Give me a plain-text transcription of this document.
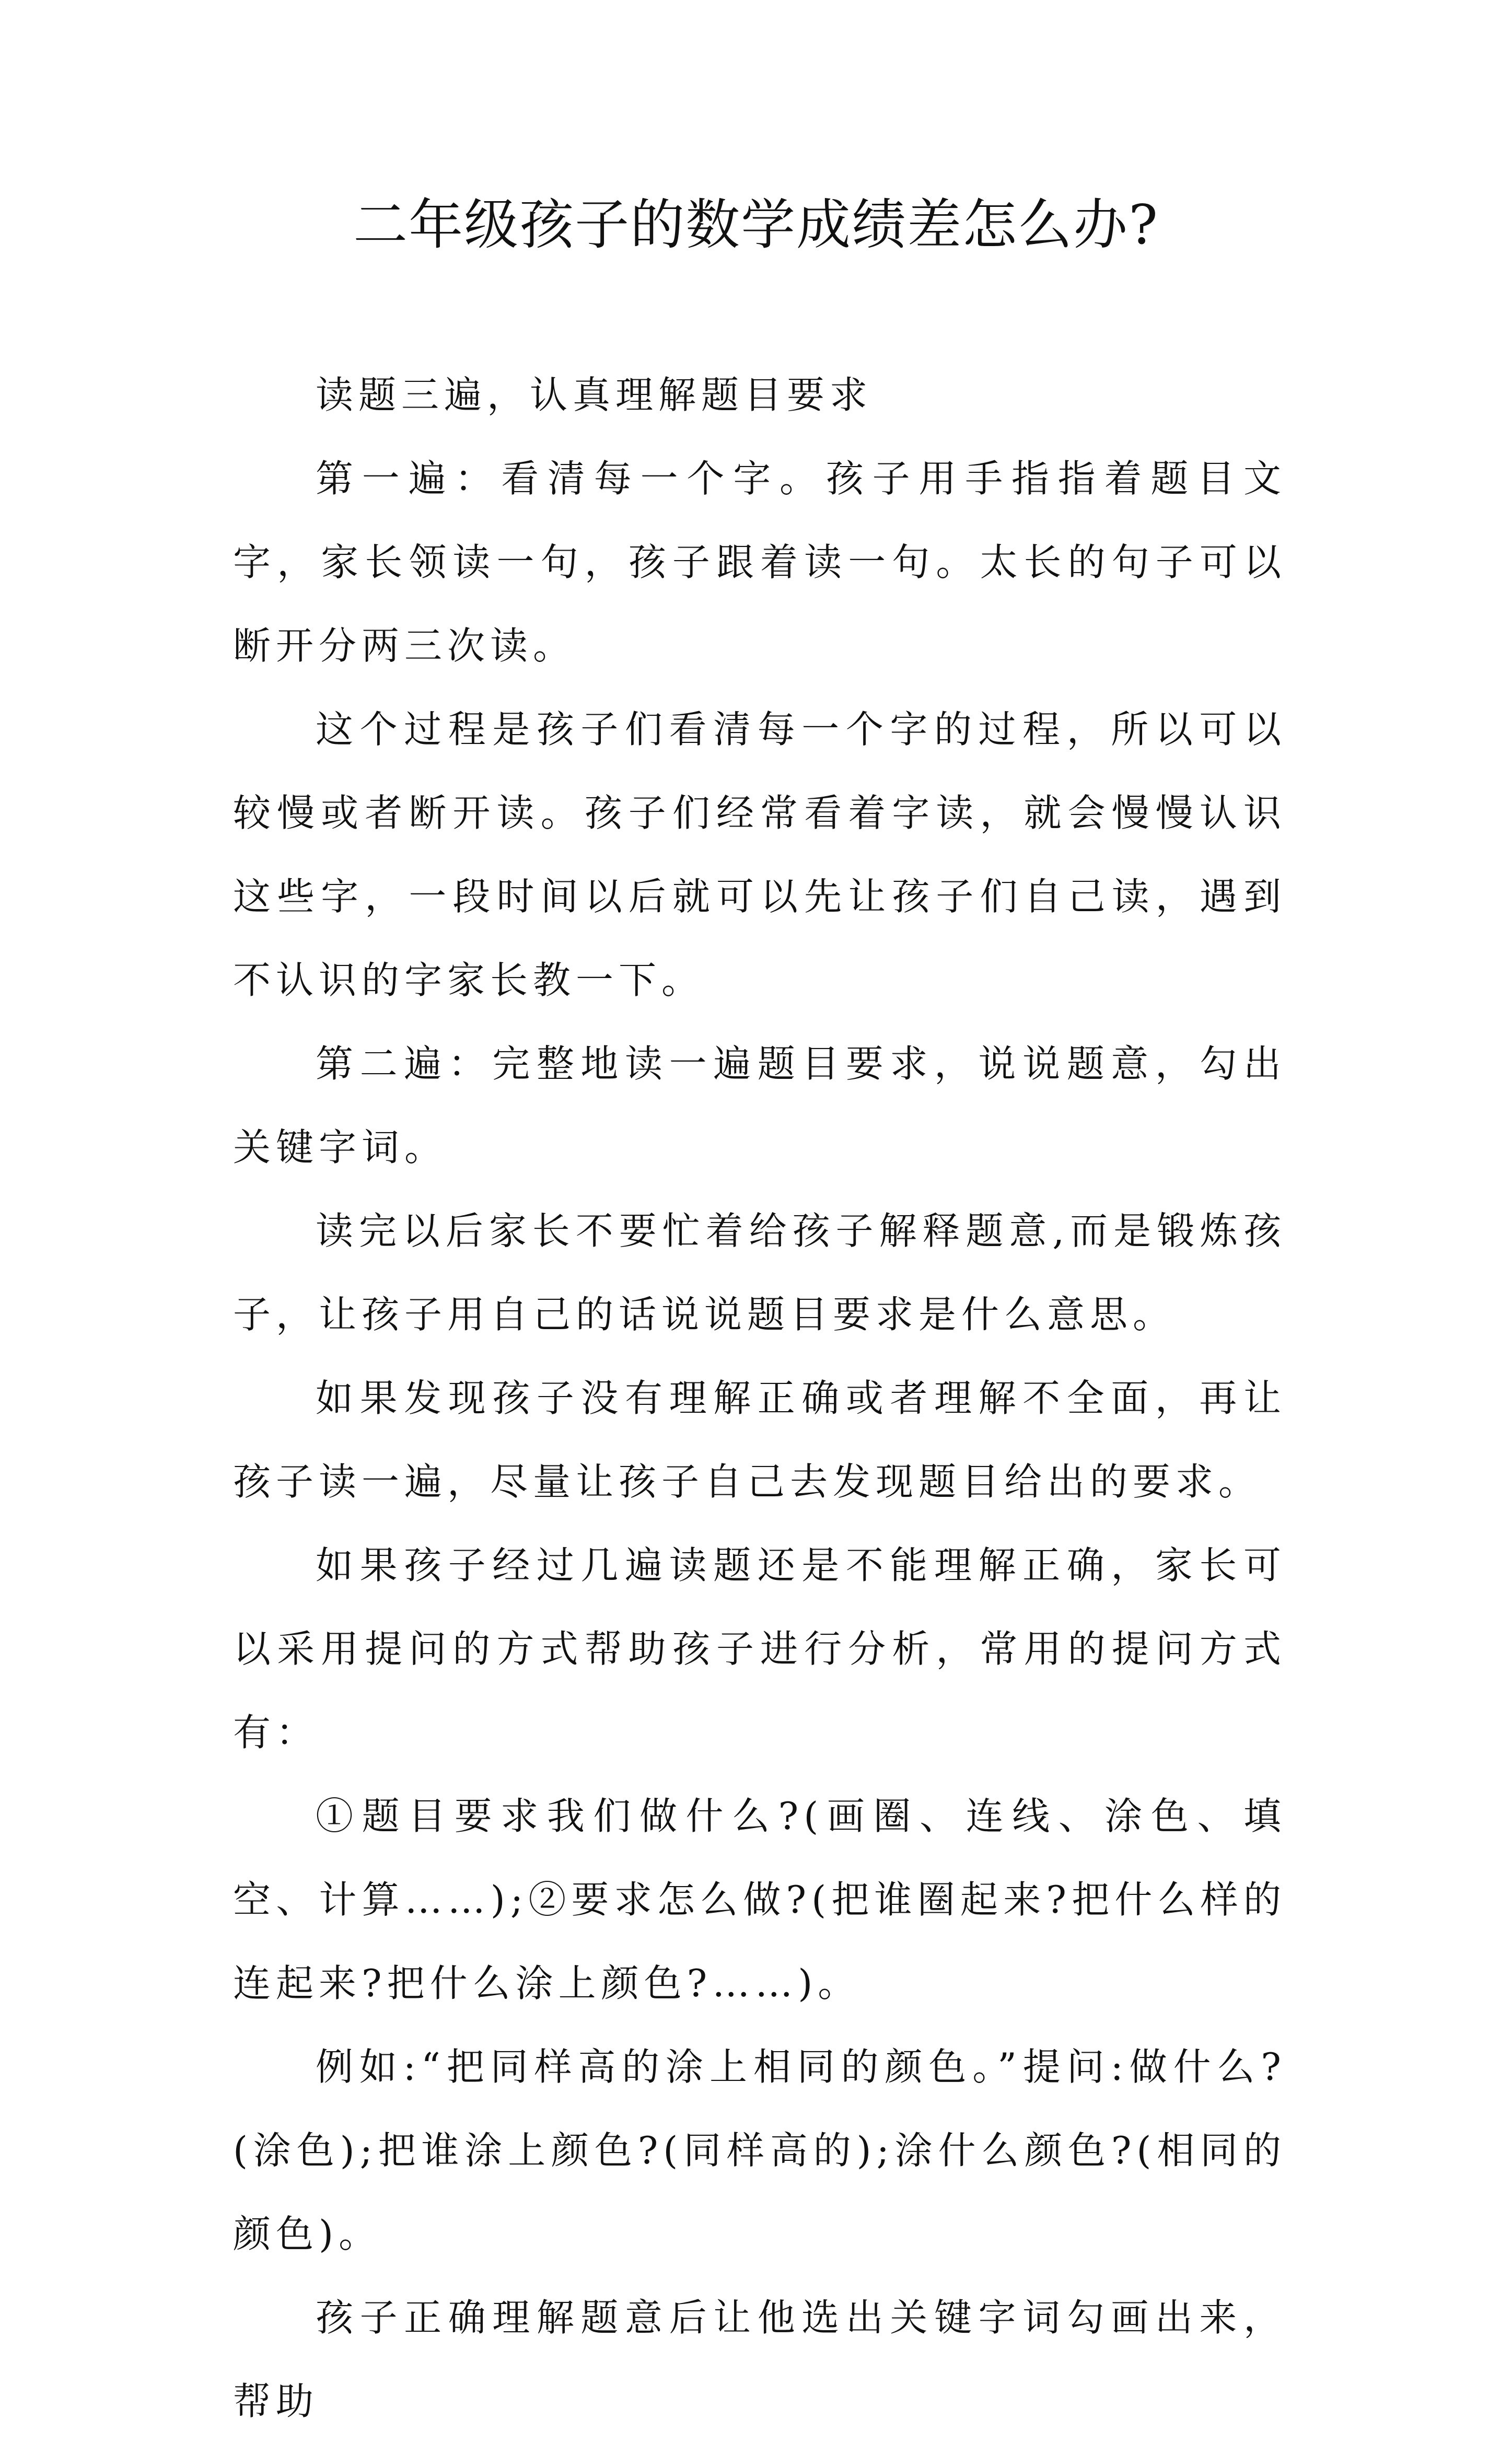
二年级孩子的数学成绩差怎么办?

读题三遍，认真理解题目要求

第一遍：看清每一个字。孩子用手指指着题目文字，家长领读一句，孩子跟着读一句。太长的句子可以断开分两三次读。

这个过程是孩子们看清每一个字的过程，所以可以较慢或者断开读。孩子们经常看着字读，就会慢慢认识这些字，一段时间以后就可以先让孩子们自己读，遇到不认识的字家长教一下。

第二遍：完整地读一遍题目要求，说说题意，勾出关键字词。

读完以后家长不要忙着给孩子解释题意,而是锻炼孩子，让孩子用自己的话说说题目要求是什么意思。

如果发现孩子没有理解正确或者理解不全面，再让孩子读一遍，尽量让孩子自己去发现题目给出的要求。

如果孩子经过几遍读题还是不能理解正确，家长可以采用提问的方式帮助孩子进行分析，常用的提问方式有：

①题目要求我们做什么?(画圈、连线、涂色、填空、计算……);②要求怎么做?(把谁圈起来?把什么样的连起来?把什么涂上颜色?……)。

例如:“把同样高的涂上相同的颜色。”提问:做什么?(涂色);把谁涂上颜色?(同样高的);涂什么颜色?(相同的颜色)。

孩子正确理解题意后让他选出关键字词勾画出来，帮助
